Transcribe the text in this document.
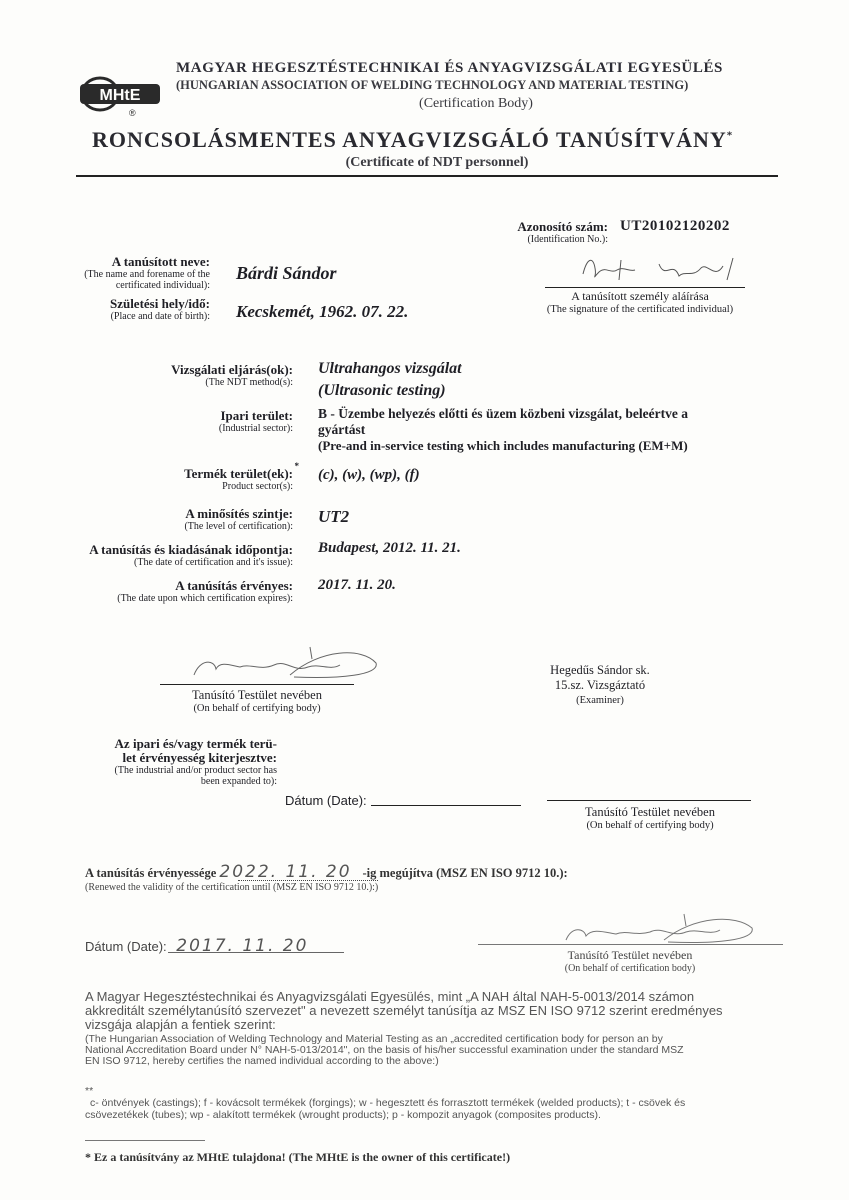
MHtE
®
MAGYAR HEGESZTÉSTECHNIKAI ÉS ANYAGVIZSGÁLATI EGYESÜLÉS
(HUNGARIAN ASSOCIATION OF WELDING TECHNOLOGY AND MATERIAL TESTING)
(Certification Body)
RONCSOLÁSMENTES ANYAGVIZSGÁLÓ TANÚSÍTVÁNY*
(Certificate of NDT personnel)
Azonosító szám:
(Identification No.):
UT20102120202
A tanúsított neve:
(The name and forename of the certificated individual):
Bárdi Sándor
Születési hely/idő:
(Place and date of birth): Kecskemét, 1962. 07. 22.
A tanúsított személy aláírása
(The signature of the certificated individual)
Vizsgálati eljárás(ok):
(The NDT method(s):
Ultrahangos vizsgálat
(Ultrasonic testing)
Ipari terület:
(Industrial sector):
B - Üzembe helyezés előtti és üzem közbeni vizsgálat, beleértve a
gyártást
(Pre-and in-service testing which includes manufacturing (EM+M)
Termék terület(ek): *
Product sector(s):
(c), (w), (wp), (f)
A minősítés szintje:
(The level of certification):
UT2
A tanúsítás és kiadásának időpontja:
(The date of certification and it's issue):
Budapest, 2012. 11. 21.
A tanúsítás érvényes:
(The date upon which certification expires):
2017. 11. 20.
Tanúsító Testület nevében
(On behalf of certifying body)
Hegedűs Sándor sk.
15.sz. Vizsgáztató
(Examiner)
Az ipari és/vagy termék terü-
let érvényesség kiterjesztve:
(The industrial and/or product sector has been expanded to):
Dátum (Date):
Tanúsító Testület nevében
(On behalf of certifying body)
A tanúsítás érvényessége 2022. 11. 20 -ig megújítva (MSZ EN ISO 9712 10.):
(Renewed the validity of the certification until (MSZ EN ISO 9712 10.):)
Dátum (Date): 2017. 11. 20	Tanúsító Testület nevében
(On behalf of certification body)
A Magyar Hegesztéstechnikai és Anyagvizsgálati Egyesülés, mint „A NAH által NAH-5-0013/2014 számon
akkreditált személytanúsító szervezet" a nevezett személyt tanúsítja az MSZ EN ISO 9712 szerint eredményes
vizsgája alapján a fentiek szerint:
(The Hungarian Association of Welding Technology and Material Testing as an „accredited certification body for person an by
National Accreditation Board under N° NAH-5-013/2014", on the basis of his/her successful examination under the standard MSZ
EN ISO 9712, hereby certifies the named individual according to the above:)
**
c- öntvények (castings); f - kovácsolt termékek (forgings); w - hegesztett és forrasztott termékek (welded products); t - csövek és
csövezetékek (tubes); wp - alakított termékek (wrought products); p - kompozit anyagok (composites products).
* Ez a tanúsítvány az MHtE tulajdona! (The MHtE is the owner of this certificate!)
